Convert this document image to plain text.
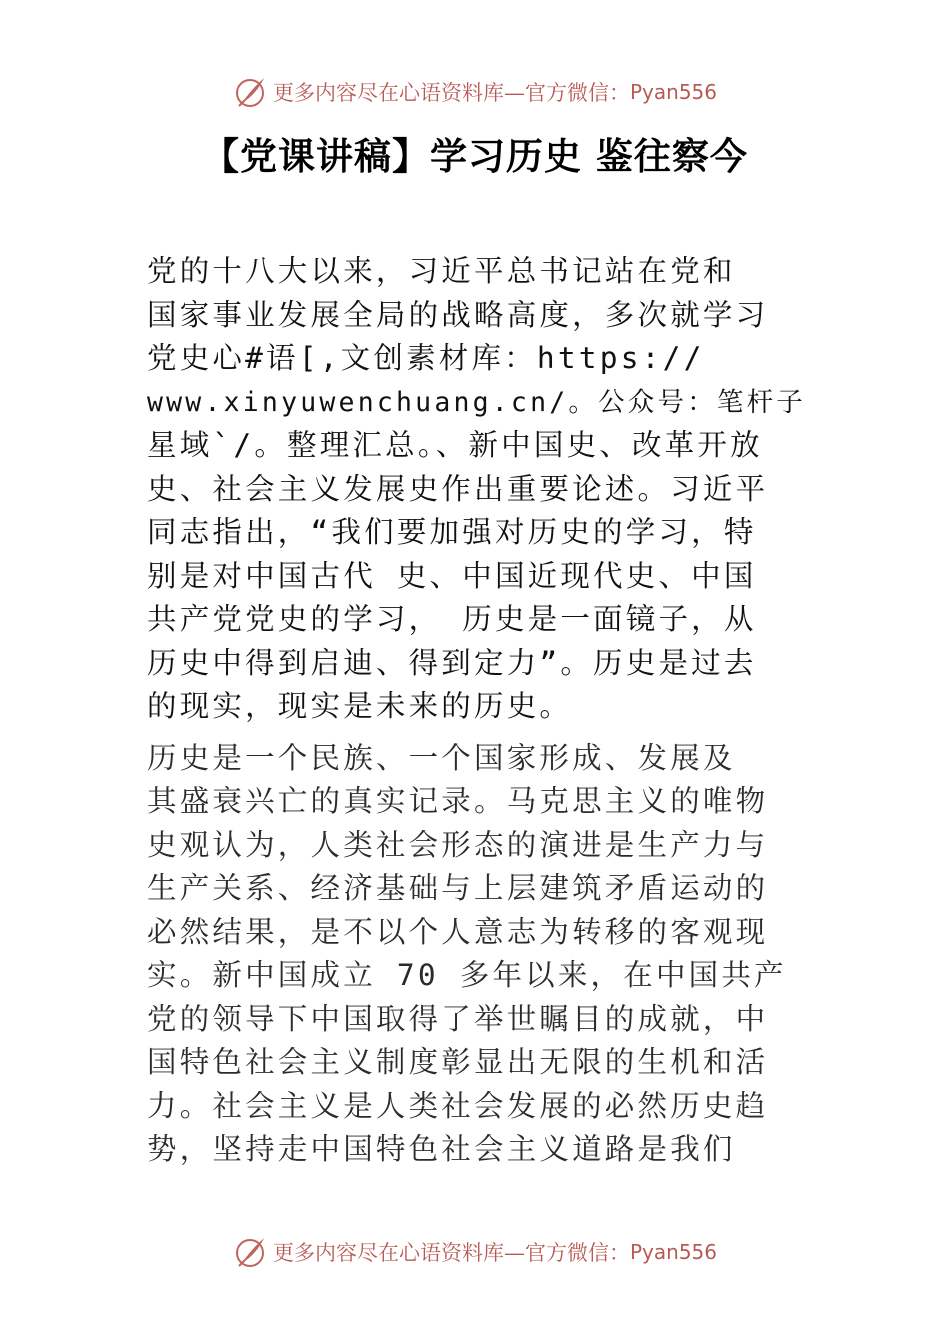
更多内容尽在心语资料库—官方微信： Pyan556
【党课讲稿】学习历史 鉴往察今
党的十八大以来，习近平总书记站在党和
国家事业发展全局的战略高度，多次就学习
党史心#语[,文创素材库：https://
www.xinyuwenchuang.cn/。公众号：笔杆子
星域`/。整理汇总。、新中国史、改革开放
史、社会主义发展史作出重要论述。习近平
同志指出，“我们要加强对历史的学习，特
别是对中国古代 史、中国近现代史、中国
共产党党史的学习， 历史是一面镜子，从
历史中得到启迪、得到定力”。历史是过去
的现实，现实是未来的历史。
历史是一个民族、一个国家形成、发展及
其盛衰兴亡的真实记录。马克思主义的唯物
史观认为，人类社会形态的演进是生产力与
生产关系、经济基础与上层建筑矛盾运动的
必然结果，是不以个人意志为转移的客观现
实。新中国成立 70 多年以来，在中国共产
党的领导下中国取得了举世瞩目的成就，中
国特色社会主义制度彰显出无限的生机和活
力。社会主义是人类社会发展的必然历史趋
势，坚持走中国特色社会主义道路是我们
更多内容尽在心语资料库—官方微信： Pyan556
